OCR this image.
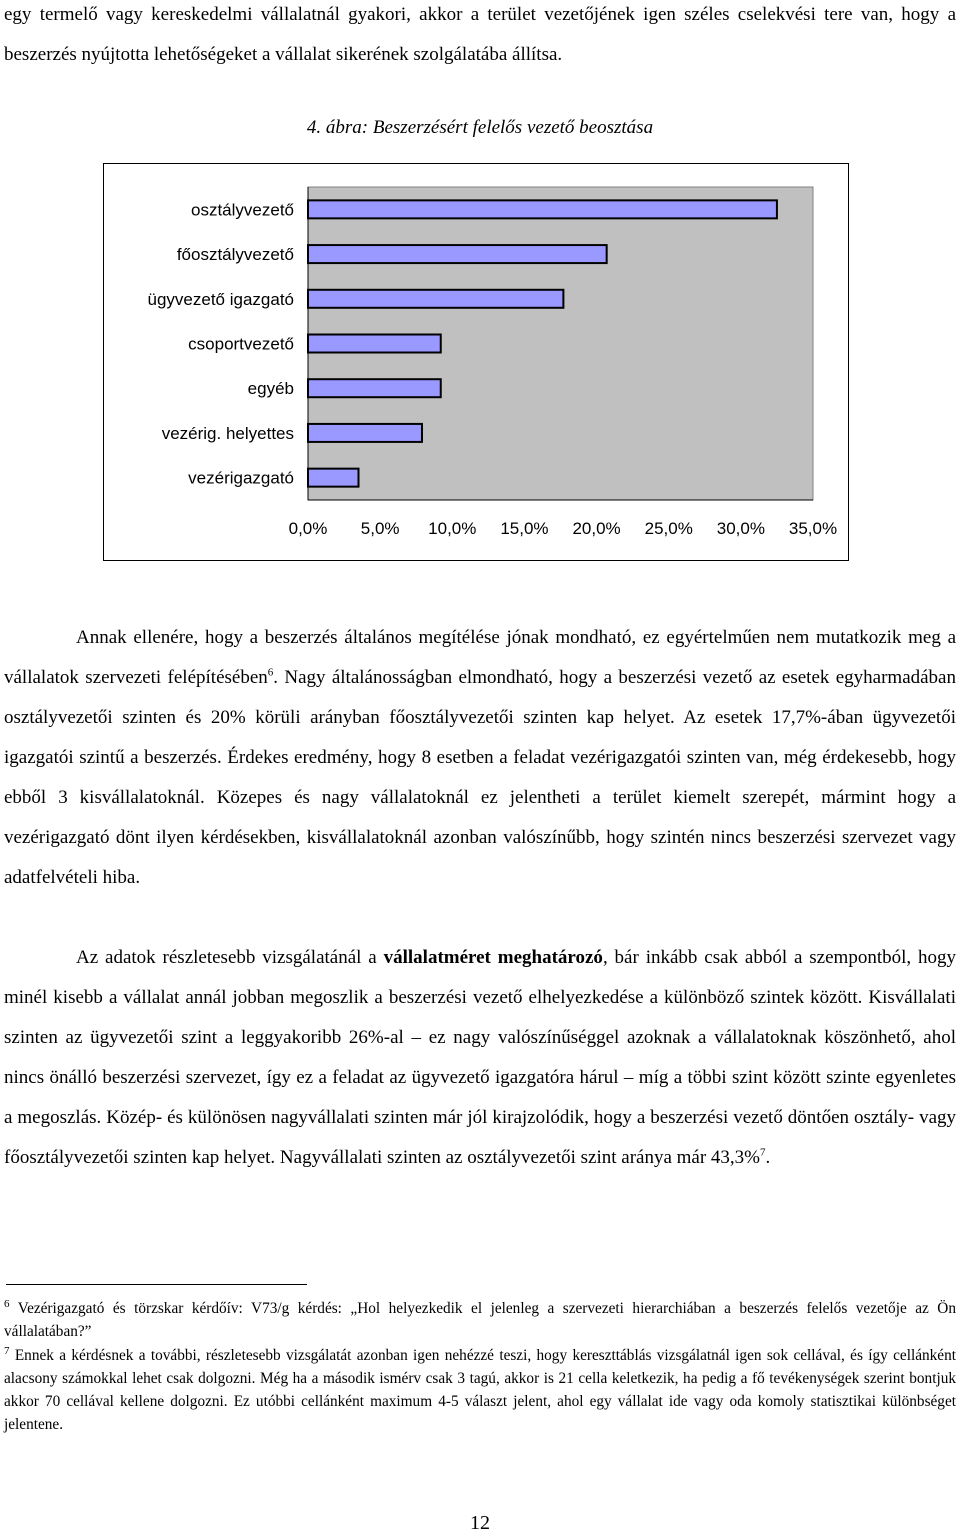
egy termelő vagy kereskedelmi vállalatnál gyakori, akkor a terület vezetőjének igen széles cselekvési tere van, hogy a beszerzés nyújtotta lehetőségeket a vállalat sikerének szolgálatába állítsa.

4. ábra: Beszerzésért felelős vezető beosztása
osztályvezető
főosztályvezető
ügyvezető igazgató
csoportvezető
egyéb
vezérig. helyettes
vezérigazgató
0,0% 5,0% 10,0% 15,0% 20,0% 25,0% 30,0% 35,0%

Annak ellenére, hogy a beszerzés általános megítélése jónak mondható, ez egyértelműen nem mutatkozik meg a vállalatok szervezeti felépítésében$^6$. Nagy általánosságban elmondható, hogy a beszerzési vezető az esetek egyharmadában osztályvezetői szinten és 20% körüli arányban főosztályvezetői szinten kap helyet. Az esetek 17,7%-ában ügyvezetői igazgatói szintű a beszerzés. Érdekes eredmény, hogy 8 esetben a feladat vezérigazgatói szinten van, még érdekesebb, hogy ebből 3 kisvállalatoknál. Közepes és nagy vállalatoknál ez jelentheti a terület kiemelt szerepét, mármint hogy a vezérigazgató dönt ilyen kérdésekben, kisvállalatoknál azonban valószínűbb, hogy szintén nincs beszerzési szervezet vagy adatfelvételi hiba.

Az adatok részletesebb vizsgálatánál a vállalatméret meghatározó, bár inkább csak abból a szempontból, hogy minél kisebb a vállalat annál jobban megoszlik a beszerzési vezető elhelyezkedése a különböző szintek között. Kisvállalati szinten az ügyvezetői szint a leggyakoribb 26%-al – ez nagy valószínűséggel azoknak a vállalatoknak köszönhető, ahol nincs önálló beszerzési szervezet, így ez a feladat az ügyvezető igazgatóra hárul – míg a többi szint között szinte egyenletes a megoszlás. Közép- és különösen nagyvállalati szinten már jól kirajzolódik, hogy a beszerzési vezető döntően osztály- vagy főosztályvezetői szinten kap helyet. Nagyvállalati szinten az osztályvezetői szint aránya már 43,3%$^7$.

$^6$ Vezérigazgató és törzskar kérdőív: V73/g kérdés: „Hol helyezkedik el jelenleg a szervezeti hierarchiában a beszerzés felelős vezetője az Ön vállalatában?”

$^7$ Ennek a kérdésnek a további, részletesebb vizsgálatát azonban igen nehézzé teszi, hogy kereszttáblás vizsgálatnál igen sok cellával, és így cellánként alacsony számokkal lehet csak dolgozni. Még ha a második ismérv csak 3 tagú, akkor is 21 cella keletkezik, ha pedig a fő tevékenységek szerint bontjuk akkor 70 cellával kellene dolgozni. Ez utóbbi cellánként maximum 4-5 választ jelent, ahol egy vállalat ide vagy oda komoly statisztikai különbséget jelentene.

12
